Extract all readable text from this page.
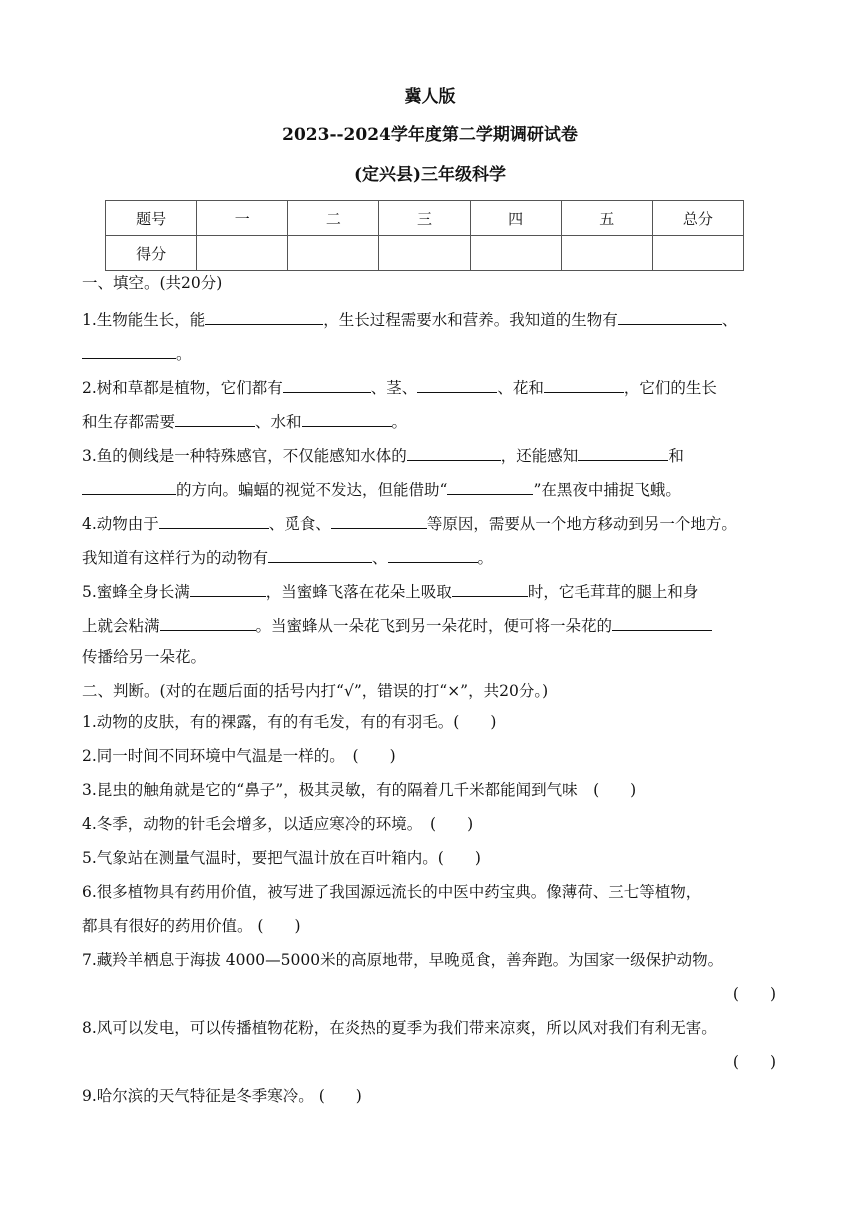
冀人版
2023--2024学年度第二学期调研试卷
(定兴县)三年级科学
题号	一	二	三	四	五	总分
得分						
一、填空。(共20分)
1.生物能生长，能	，生长过程需要水和营养。我知道的生物有	、
。
2.树和草都是植物，它们都有	、茎、	、花和	，它们的生长
和生存都需要	、水和	。
3.鱼的侧线是一种特殊感官，不仅能感知水体的	，还能感知	和
的方向。蝙蝠的视觉不发达，但能借助“	”在黑夜中捕捉飞蛾。
4.动物由于	、觅食、	等原因，需要从一个地方移动到另一个地方。
我知道有这样行为的动物有	、	。
5.蜜蜂全身长满	，当蜜蜂飞落在花朵上吸取	时，它毛茸茸的腿上和身
上就会粘满	。当蜜蜂从一朵花飞到另一朵花时，便可将一朵花的
传播给另一朵花。
二、判断。(对的在题后面的括号内打“√”，错误的打“×”，共20分。)
1.动物的皮肤，有的裸露，有的有毛发，有的有羽毛。(　　)
2.同一时间不同环境中气温是一样的。　(　　)
3.昆虫的触角就是它的“鼻子”，极其灵敏，有的隔着几千米都能闻到气味　(　　)
4.冬季，动物的针毛会增多，以适应寒冷的环境。　(　　)
5.气象站在测量气温时，要把气温计放在百叶箱内。(　　)
6.很多植物具有药用价值，被写进了我国源远流长的中医中药宝典。像薄荷、三七等植物，
都具有很好的药用价值。 (　　)
7.藏羚羊栖息于海拔 4000—5000米的高原地带，早晚觅食，善奔跑。为国家一级保护动物。
(　　)
8.风可以发电，可以传播植物花粉，在炎热的夏季为我们带来凉爽，所以风对我们有利无害。
(　　)
9.哈尔滨的天气特征是冬季寒冷。 (　　)
